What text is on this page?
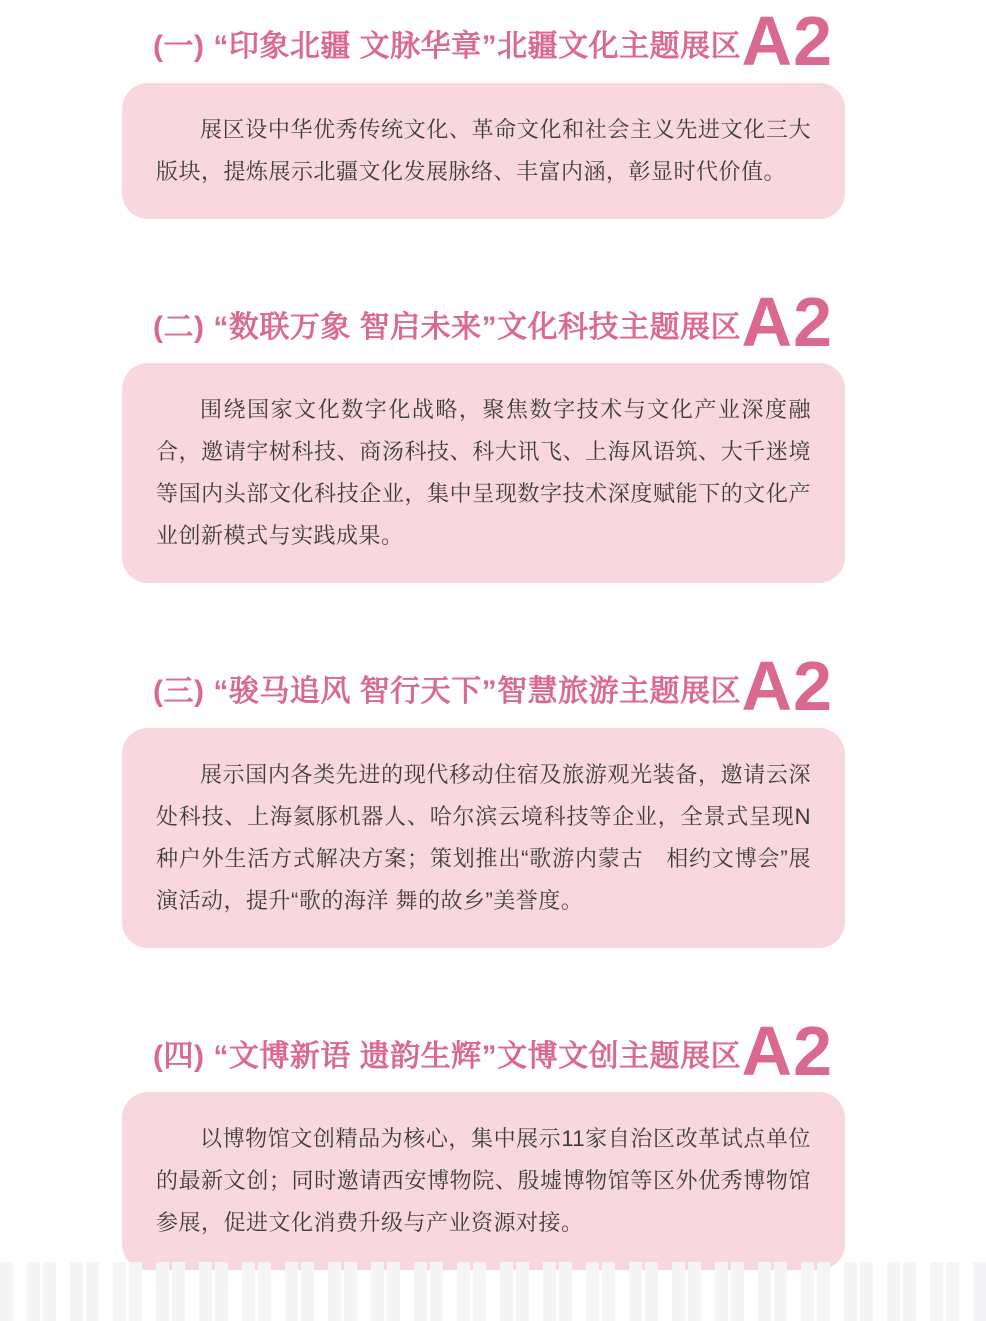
(一) “印象北疆 文脉华章”北疆文化主题展区 A2

展区设中华优秀传统文化、革命文化和社会主义先进文化三大版块，提炼展示北疆文化发展脉络、丰富内涵，彰显时代价值。

(二) “数联万象 智启未来”文化科技主题展区 A2

围绕国家文化数字化战略，聚焦数字技术与文化产业深度融合，邀请宇树科技、商汤科技、科大讯飞、上海风语筑、大千迷境等国内头部文化科技企业，集中呈现数字技术深度赋能下的文化产业创新模式与实践成果。

(三) “骏马追风 智行天下”智慧旅游主题展区 A2

展示国内各类先进的现代移动住宿及旅游观光装备，邀请云深处科技、上海氦豚机器人、哈尔滨云境科技等企业，全景式呈现N种户外生活方式解决方案；策划推出“歌游内蒙古　相约文博会”展演活动，提升“歌的海洋 舞的故乡”美誉度。

(四) “文博新语 遗韵生辉”文博文创主题展区 A2

以博物馆文创精品为核心，集中展示11家自治区改革试点单位的最新文创；同时邀请西安博物院、殷墟博物馆等区外优秀博物馆参展，促进文化消费升级与产业资源对接。
